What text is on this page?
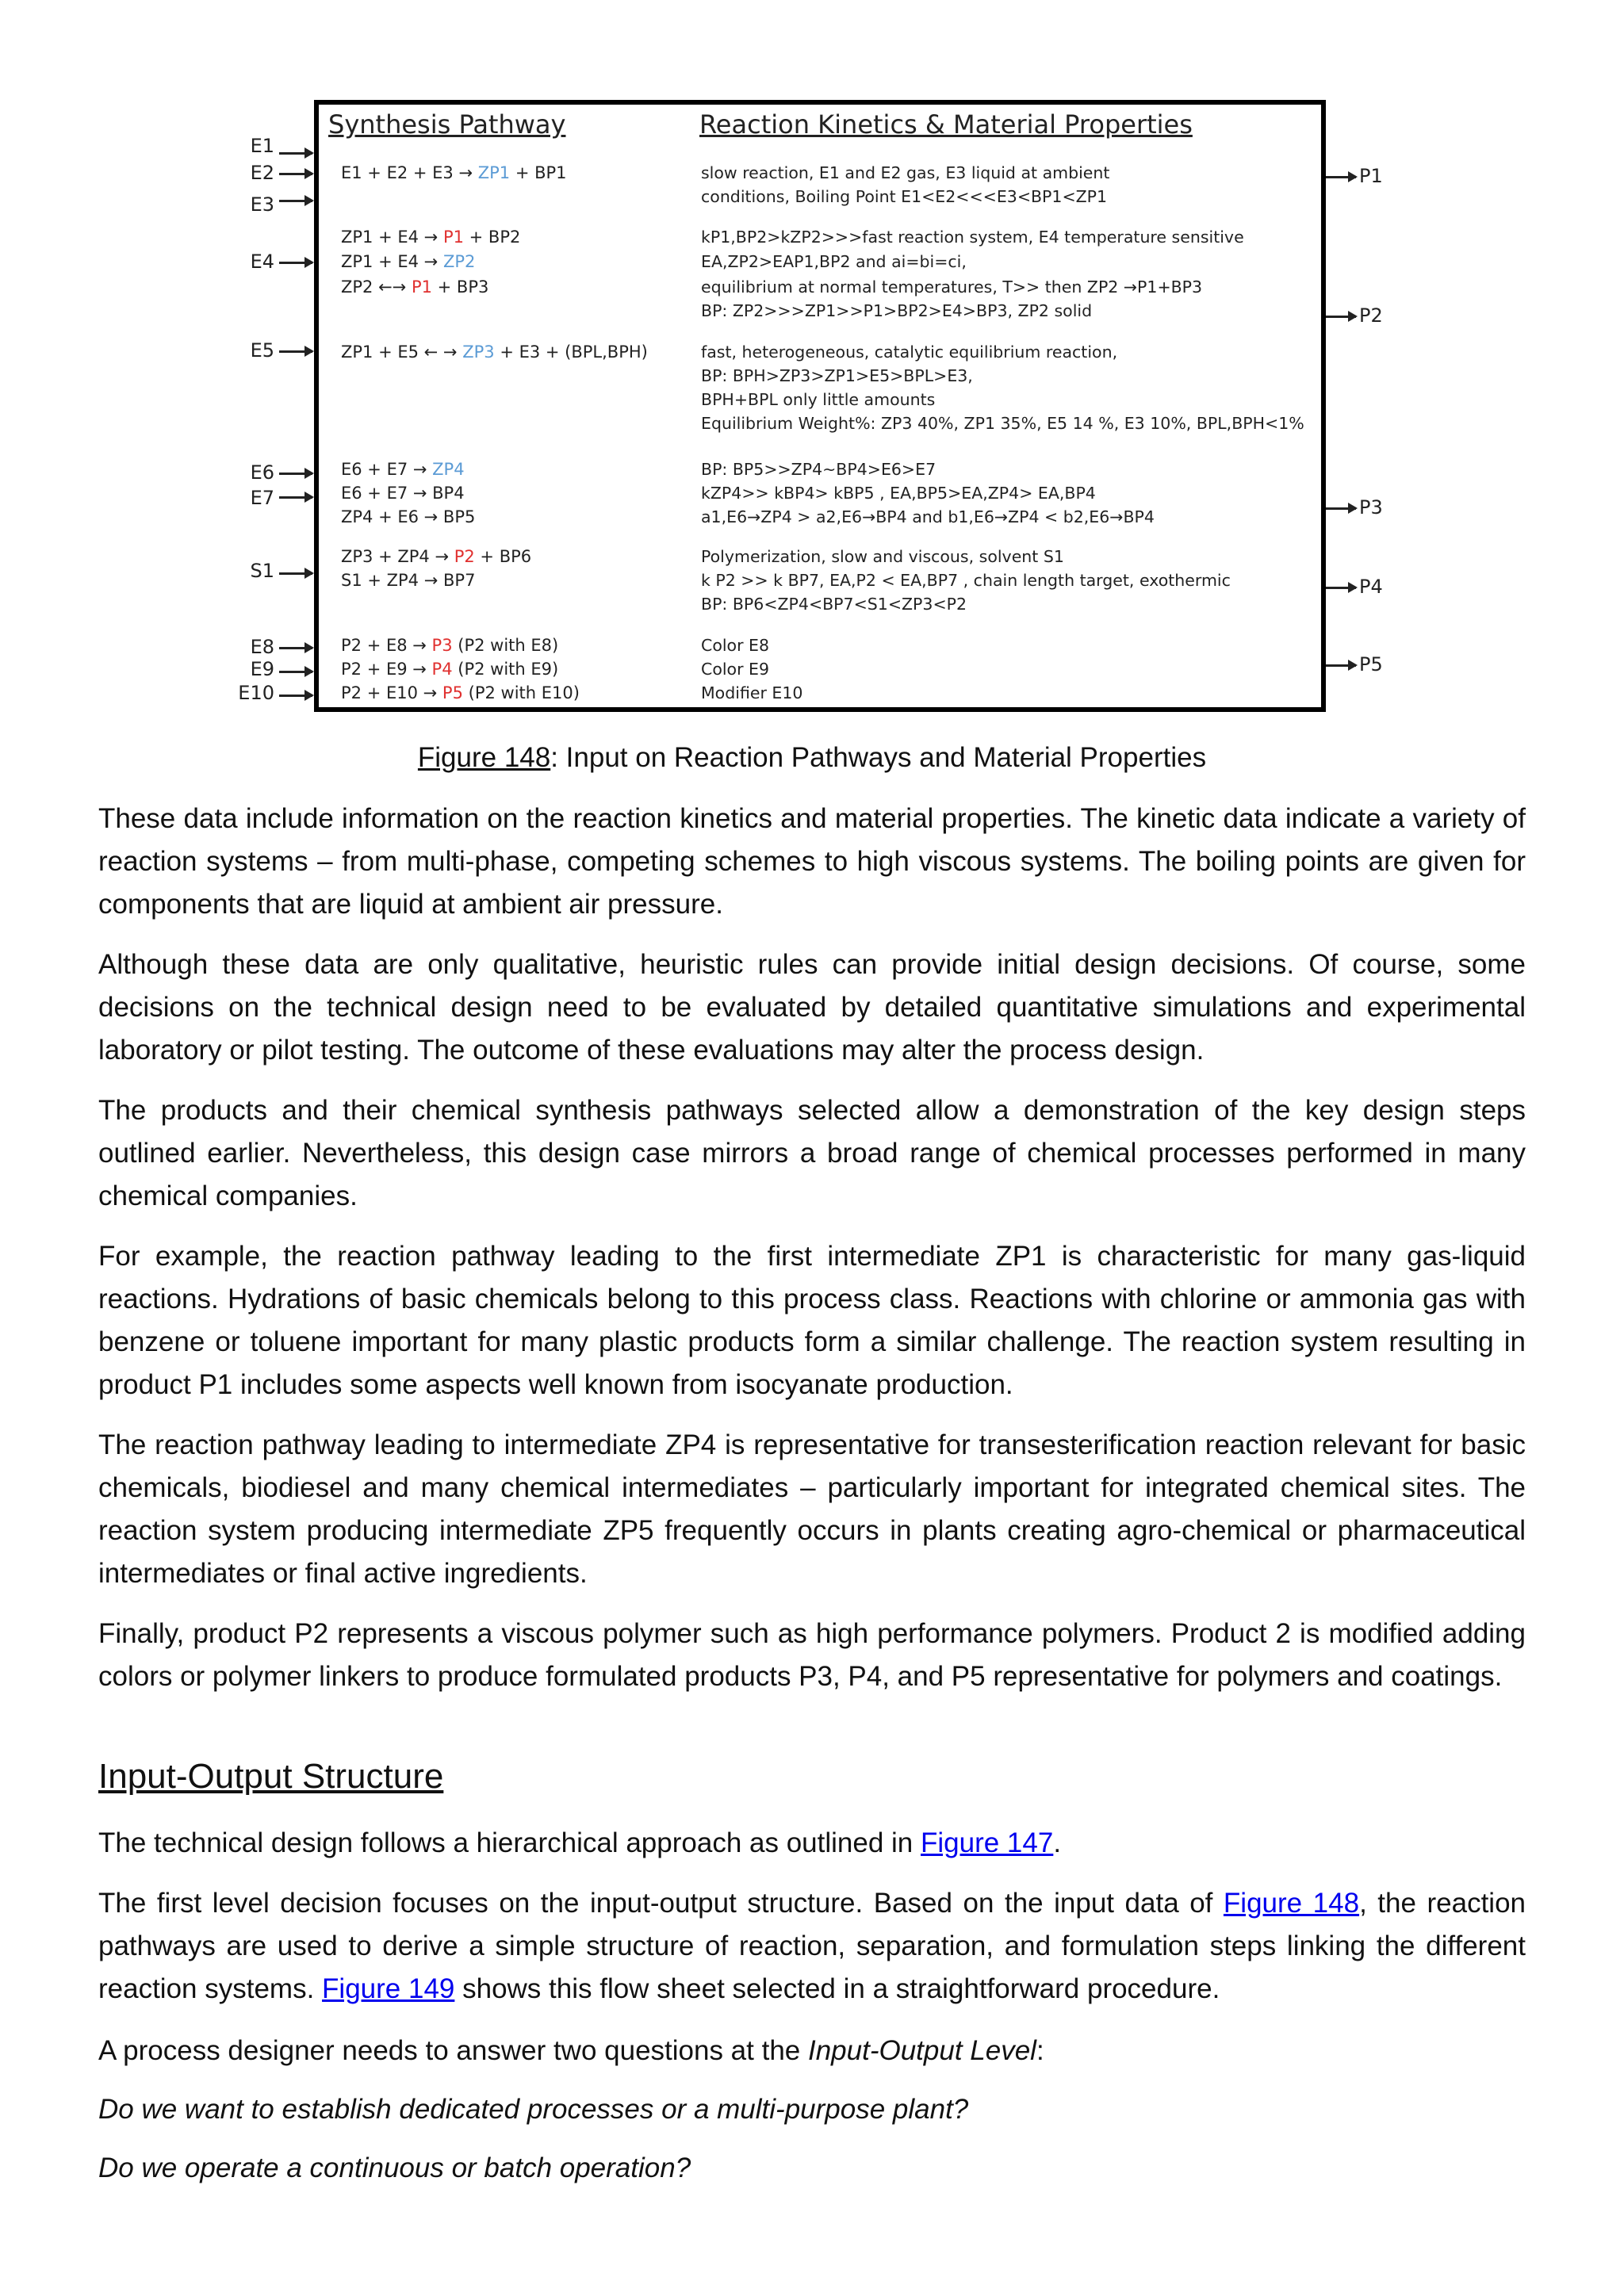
E1
E2
E3
E4
E5
E6
E7
S1
E8
E9
E10
Synthesis Pathway	Reaction Kinetics & Material Properties
E1 + E2 + E3 → ZP1 + BP1
ZP1 + E4 → P1 + BP2
ZP1 + E4 → ZP2
ZP2 ←→ P1 + BP3
ZP1 + E5 ← → ZP3 + E3 + (BPL,BPH)
E6 + E7 → ZP4
E6 + E7 → BP4
ZP4 + E6 → BP5
ZP3 + ZP4 → P2 + BP6
S1 + ZP4 → BP7
P2 + E8 → P3 (P2 with E8)
P2 + E9 → P4 (P2 with E9)
P2 + E10 → P5 (P2 with E10)
slow reaction, E1 and E2 gas, E3 liquid at ambient
conditions, Boiling Point E1<E2<<<E3<BP1<ZP1
kP1,BP2>kZP2>>>fast reaction system, E4 temperature sensitive
EA,ZP2>EAP1,BP2 and ai=bi=ci,
equilibrium at normal temperatures, T>> then ZP2 →P1+BP3
BP: ZP2>>>ZP1>>P1>BP2>E4>BP3, ZP2 solid
fast, heterogeneous, catalytic equilibrium reaction,
BP: BPH>ZP3>ZP1>E5>BPL>E3,
BPH+BPL only little amounts
Equilibrium Weight%: ZP3 40%, ZP1 35%, E5 14 %, E3 10%, BPL,BPH<1%
BP: BP5>>ZP4~BP4>E6>E7
kZP4>> kBP4> kBP5 , EA,BP5>EA,ZP4> EA,BP4
a1,E6→ZP4 > a2,E6→BP4 and b1,E6→ZP4 < b2,E6→BP4
Polymerization, slow and viscous, solvent S1
k P2 >> k BP7, EA,P2 < EA,BP7 , chain length target, exothermic
BP: BP6<ZP4<BP7<S1<ZP3<P2
Color E8
Color E9
Modifier E10
P1
P2
P3
P4
P5
Figure 148: Input on Reaction Pathways and Material Properties

These data include information on the reaction kinetics and material properties. The kinetic data indicate a variety of reaction systems – from multi-phase, competing schemes to high viscous systems. The boiling points are given for components that are liquid at ambient air pressure.

Although these data are only qualitative, heuristic rules can provide initial design decisions. Of course, some decisions on the technical design need to be evaluated by detailed quantitative simulations and experimental laboratory or pilot testing. The outcome of these evaluations may alter the process design.

The products and their chemical synthesis pathways selected allow a demonstration of the key design steps outlined earlier. Nevertheless, this design case mirrors a broad range of chemical processes performed in many chemical companies.

For example, the reaction pathway leading to the first intermediate ZP1 is characteristic for many gas-liquid reactions. Hydrations of basic chemicals belong to this process class. Reactions with chlorine or ammonia gas with benzene or toluene important for many plastic products form a similar challenge. The reaction system resulting in product P1 includes some aspects well known from isocyanate production.

The reaction pathway leading to intermediate ZP4 is representative for transesterification reaction relevant for basic chemicals, biodiesel and many chemical intermediates – particularly important for integrated chemical sites. The reaction system producing intermediate ZP5 frequently occurs in plants creating agro-chemical or pharmaceutical intermediates or final active ingredients.

Finally, product P2 represents a viscous polymer such as high performance polymers. Product 2 is modified adding colors or polymer linkers to produce formulated products P3, P4, and P5 representative for polymers and coatings.

Input-Output Structure

The technical design follows a hierarchical approach as outlined in Figure 147.

The first level decision focuses on the input-output structure. Based on the input data of Figure 148, the reaction pathways are used to derive a simple structure of reaction, separation, and formulation steps linking the different reaction systems. Figure 149 shows this flow sheet selected in a straightforward procedure.

A process designer needs to answer two questions at the Input-Output Level:

Do we want to establish dedicated processes or a multi-purpose plant?

Do we operate a continuous or batch operation?
